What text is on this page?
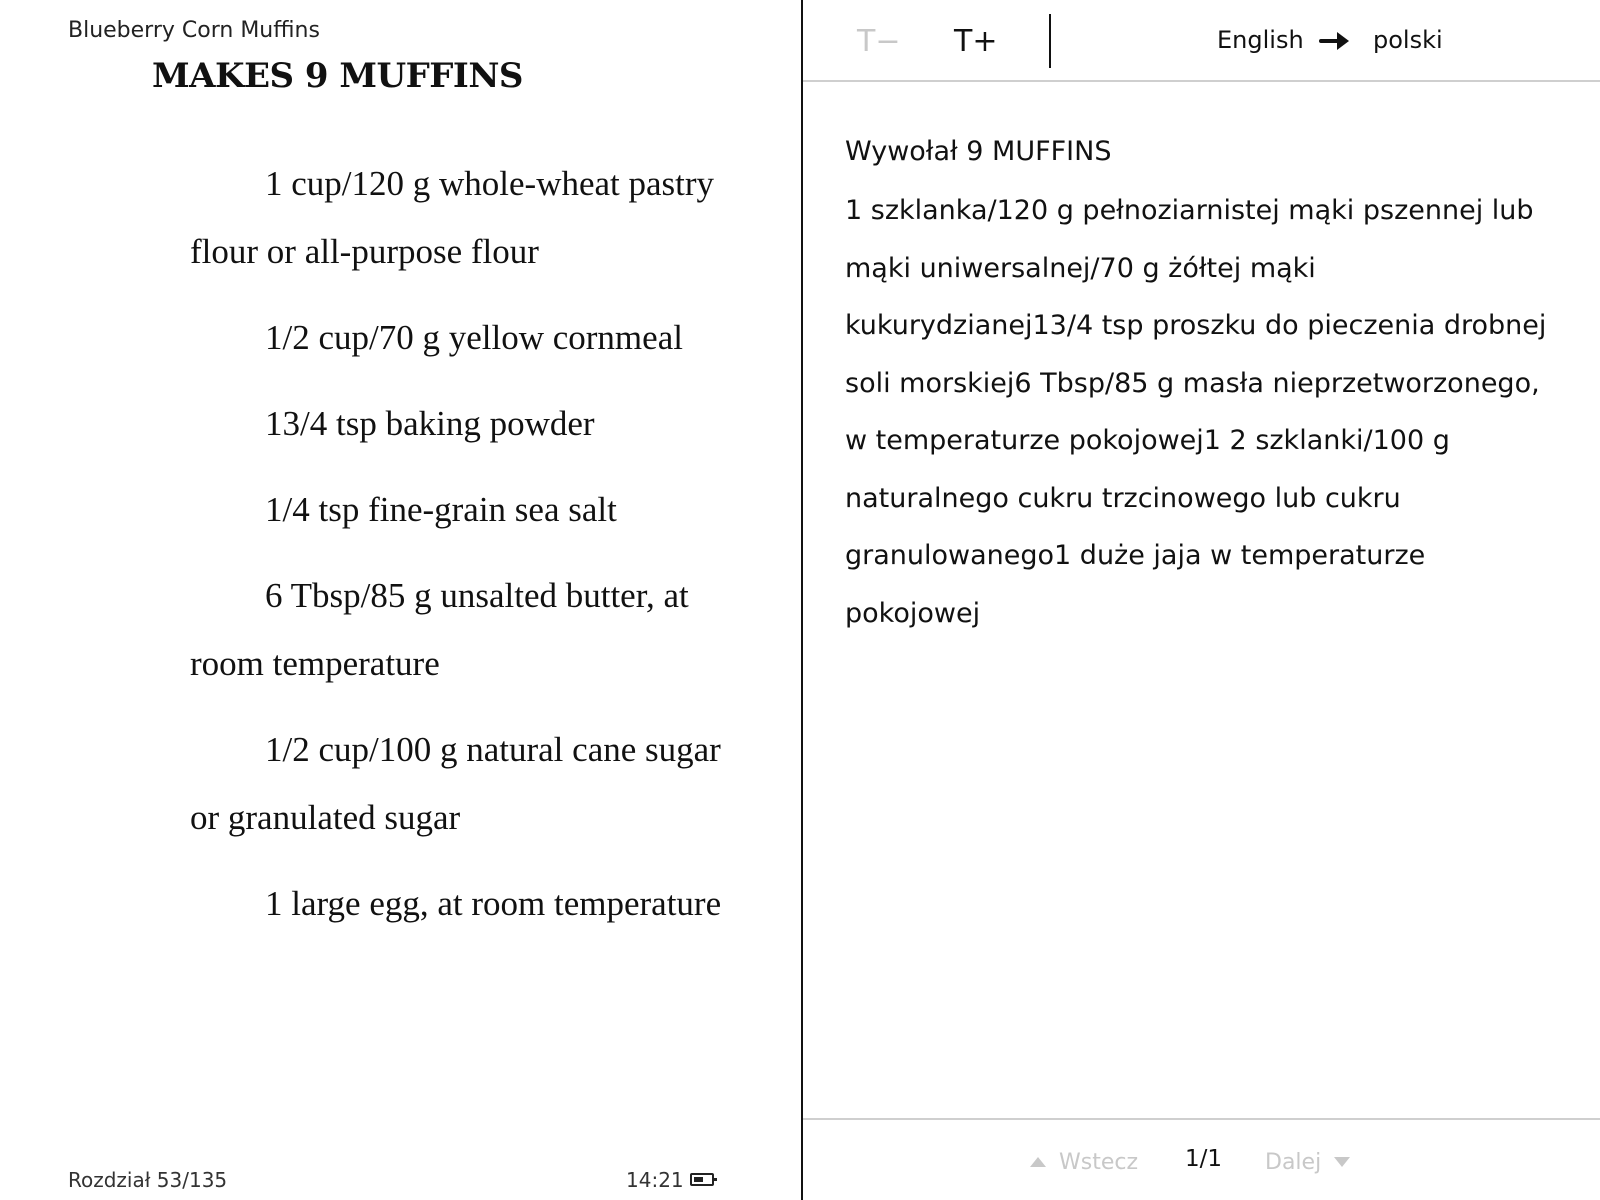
Blueberry Corn Muffins
MAKES 9 MUFFINS
1 cup/120 g whole-wheat pastry flour or all-purpose flour
1/2 cup/70 g yellow cornmeal
13/4 tsp baking powder
1/4 tsp fine-grain sea salt
6 Tbsp/85 g unsalted butter, at room temperature
1/2 cup/100 g natural cane sugar or granulated sugar
1 large egg, at room temperature
Rozdział 53/135	14:21
T− T+	English	polski

Wywołał 9 MUFFINS

1 szklanka/120 g pełnoziarnistej mąki pszennej lub mąki uniwersalnej/70 g żółtej mąki kukurydzianej13/4 tsp proszku do pieczenia drobnej soli morskiej6 Tbsp/85 g masła nieprzetworzonego, w temperaturze pokojowej1 2 szklanki/100 g naturalnego cukru trzcinowego lub cukru granulowanego1 duże jaja w temperaturze pokojowej

Wstecz 1/1 Dalej
